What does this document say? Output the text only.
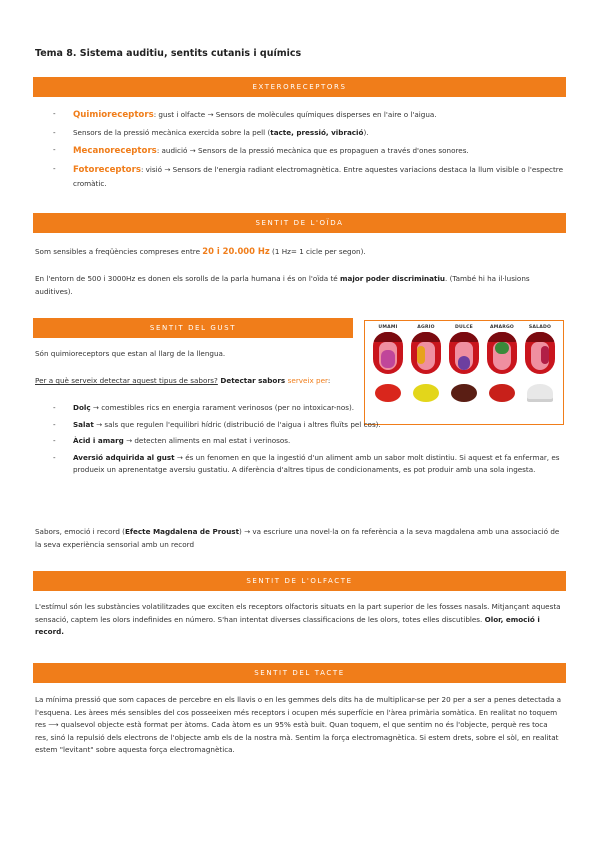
Tema 8. Sistema auditiu, sentits cutanis i químics
EXTERORECEPTORS
- Quimioreceptors: gust i olfacte → Sensors de molècules químiques disperses en l'aire o l'aigua.
- Sensors de la pressió mecànica exercida sobre la pell (tacte, pressió, vibració).
- Mecanoreceptors: audició → Sensors de la pressió mecànica que es propaguen a través d'ones sonores.
- Fotoreceptors: visió → Sensors de l'energia radiant electromagnètica. Entre aquestes variacions destaca la llum visible o l'espectre cromàtic.
SENTIT DE L'OÏDA
Som sensibles a freqüències compreses entre 20 i 20.000 Hz (1 Hz= 1 cicle per segon).
En l'entorn de 500 i 3000Hz es donen els sorolls de la parla humana i és on l'oïda té major poder discriminatiu. (També hi ha il·lusions auditives).
SENTIT DEL GUST	UMAMI	AGRIO	DULCE	AMARGO	SALADO
Són quimioreceptors que estan al llarg de la llengua.
Per a què serveix detectar aquest tipus de sabors? Detectar sabors serveix per:
- Dolç → comestibles rics en energia rarament verinosos (per no intoxicar-nos).
- Salat → sals que regulen l'equilibri hídric (distribució de l'aigua i altres fluïts pel cos).
- Àcid i amarg → detecten aliments en mal estat i verinosos.
- Aversió adquirida al gust → és un fenomen en que la ingestió d'un aliment amb un sabor molt distintiu. Si aquest et fa enfermar, es produeix un aprenentatge aversiu gustatiu. A diferència d'altres tipus de condicionaments, es pot produir amb una sola ingesta.
Sabors, emoció i record (Efecte Magdalena de Proust) → va escriure una novel·la on fa referència a la seva magdalena amb una associació de la seva experiència sensorial amb un record
SENTIT DE L'OLFACTE
L'estímul són les substàncies volatilitzades que exciten els receptors olfactoris situats en la part superior de les fosses nasals. Mitjançant aquesta sensació, captem les olors indefinides en número. S'han intentat diverses classificacions de les olors, totes elles discutibles. Olor, emoció i record.
SENTIT DEL TACTE
La mínima pressió que som capaces de percebre en els llavis o en les gemmes dels dits ha de multiplicar-se per 20 per a ser a penes detectada a l'esquena. Les àrees més sensibles del cos posseeixen més receptors i ocupen més superfície en l'àrea primària somàtica. En realitat no toquem res ⟶ qualsevol objecte està format per àtoms. Cada àtom es un 95% està buit. Quan toquem, el que sentim no és l'objecte, perquè res toca res, sinó la repulsió dels electrons de l'objecte amb els de la nostra mà. Sentim la força electromagnètica. Si estem drets, sobre el sòl, en realitat estem "levitant" sobre aquesta força electromagnètica.
